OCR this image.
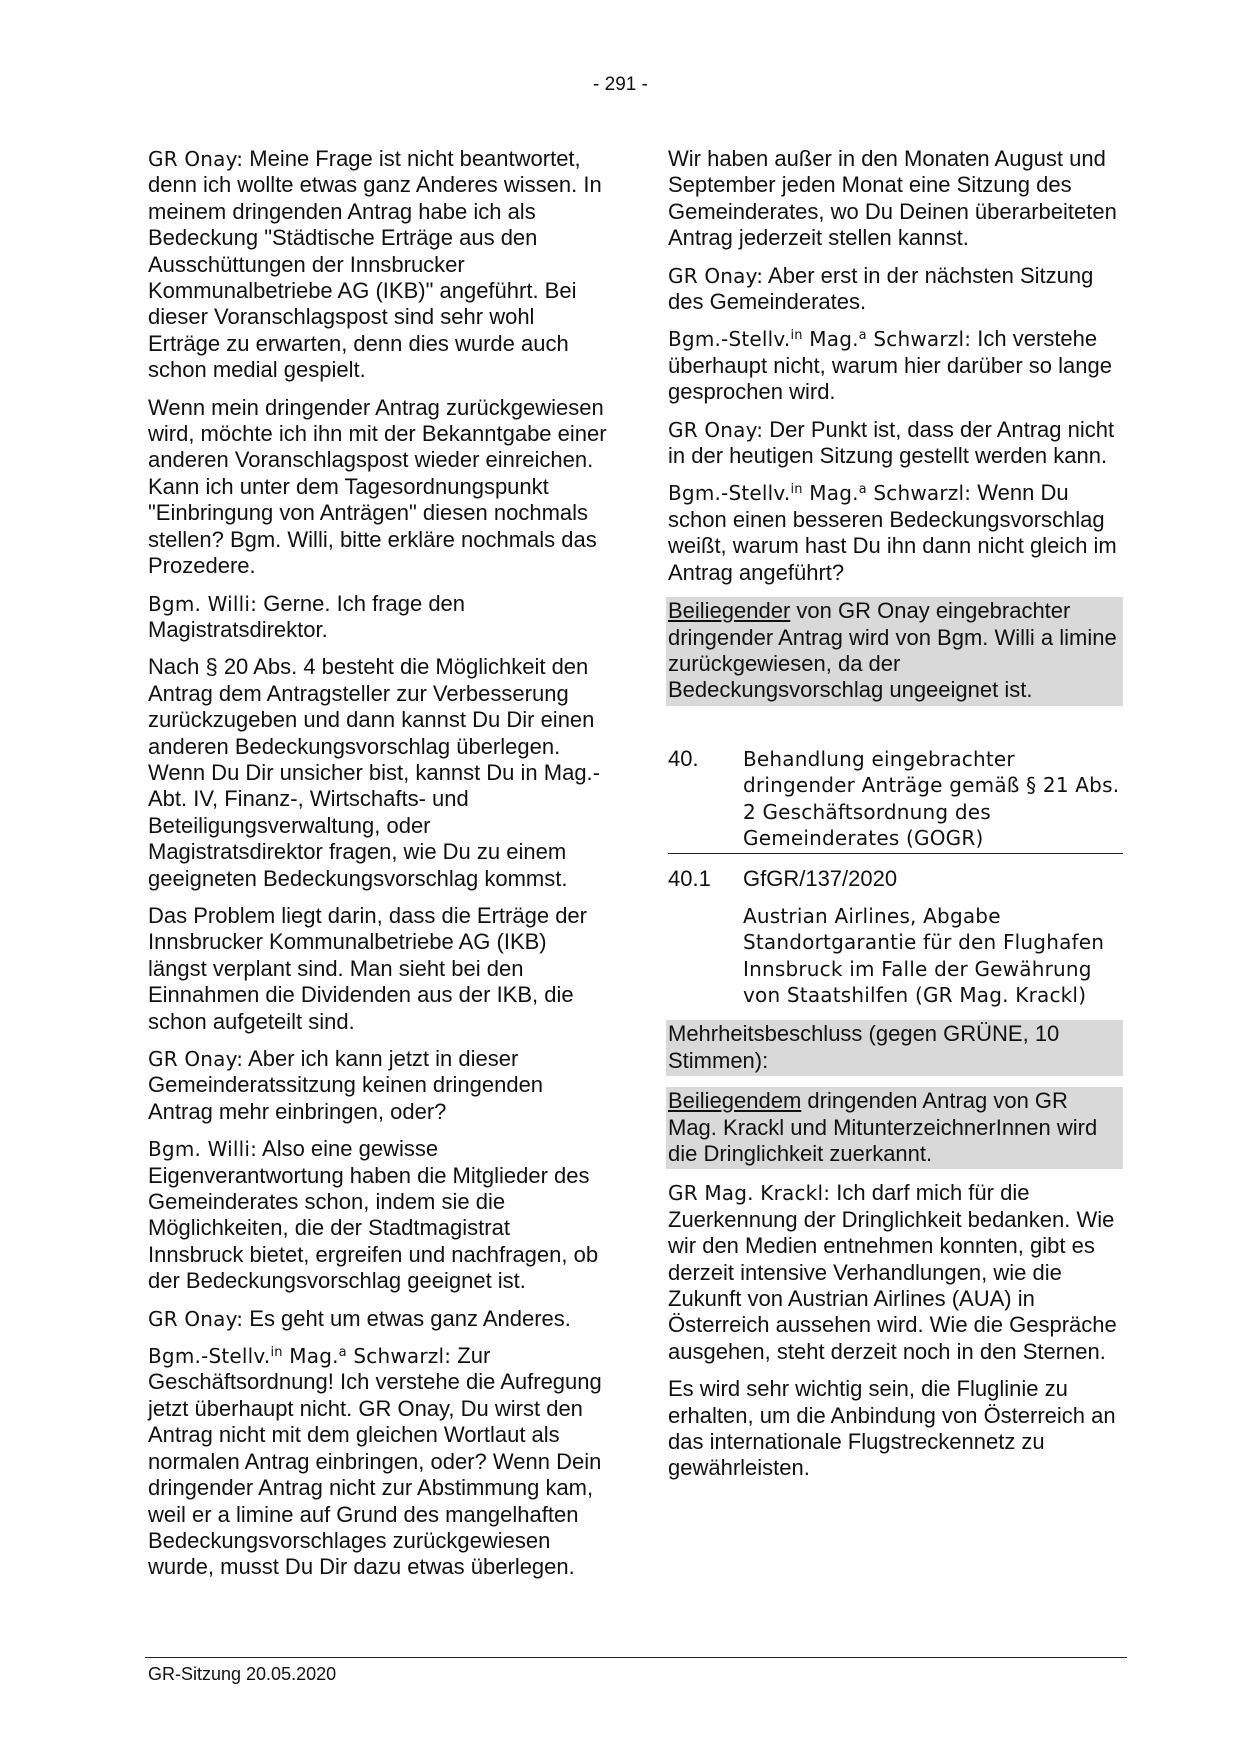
- 291 -

GR Onay: Meine Frage ist nicht beantwortet, denn ich wollte etwas ganz Anderes wissen. In meinem dringenden Antrag habe ich als Bedeckung "Städtische Erträge aus den Ausschüttungen der Innsbrucker Kommunalbetriebe AG (IKB)" angeführt. Bei dieser Voranschlagspost sind sehr wohl Erträge zu erwarten, denn dies wurde auch schon medial gespielt.

Wenn mein dringender Antrag zurückgewiesen wird, möchte ich ihn mit der Bekanntgabe einer anderen Voranschlagspost wieder einreichen. Kann ich unter dem Tagesordnungspunkt "Einbringung von Anträgen" diesen nochmals stellen? Bgm. Willi, bitte erkläre nochmals das Prozedere.

Bgm. Willi: Gerne. Ich frage den Magistratsdirektor.

Nach § 20 Abs. 4 besteht die Möglichkeit den Antrag dem Antragsteller zur Verbesserung zurückzugeben und dann kannst Du Dir einen anderen Bedeckungsvorschlag überlegen. Wenn Du Dir unsicher bist, kannst Du in Mag.-Abt. IV, Finanz-, Wirtschafts- und Beteiligungsverwaltung, oder Magistratsdirektor fragen, wie Du zu einem geeigneten Bedeckungsvorschlag kommst.

Das Problem liegt darin, dass die Erträge der Innsbrucker Kommunalbetriebe AG (IKB) längst verplant sind. Man sieht bei den Einnahmen die Dividenden aus der IKB, die schon aufgeteilt sind.

GR Onay: Aber ich kann jetzt in dieser Gemeinderatssitzung keinen dringenden Antrag mehr einbringen, oder?

Bgm. Willi: Also eine gewisse Eigenverantwortung haben die Mitglieder des Gemeinderates schon, indem sie die Möglichkeiten, die der Stadtmagistrat Innsbruck bietet, ergreifen und nachfragen, ob der Bedeckungsvorschlag geeignet ist.

GR Onay: Es geht um etwas ganz Anderes.

Bgm.-Stellv.$^{in}$ Mag.$^a$ Schwarzl: Zur Geschäftsordnung! Ich verstehe die Aufregung jetzt überhaupt nicht. GR Onay, Du wirst den Antrag nicht mit dem gleichen Wortlaut als normalen Antrag einbringen, oder? Wenn Dein dringender Antrag nicht zur Abstimmung kam, weil er a limine auf Grund des mangelhaften Bedeckungsvorschlages zurückgewiesen wurde, musst Du Dir dazu etwas überlegen.

Wir haben außer in den Monaten August und September jeden Monat eine Sitzung des Gemeinderates, wo Du Deinen überarbeiteten Antrag jederzeit stellen kannst.

GR Onay: Aber erst in der nächsten Sitzung des Gemeinderates.

Bgm.-Stellv.$^{in}$ Mag.$^a$ Schwarzl: Ich verstehe überhaupt nicht, warum hier darüber so lange gesprochen wird.

GR Onay: Der Punkt ist, dass der Antrag nicht in der heutigen Sitzung gestellt werden kann.

Bgm.-Stellv.$^{in}$ Mag.$^a$ Schwarzl: Wenn Du schon einen besseren Bedeckungsvorschlag weißt, warum hast Du ihn dann nicht gleich im Antrag angeführt?

Beiliegender von GR Onay eingebrachter dringender Antrag wird von Bgm. Willi a limine zurückgewiesen, da der Bedeckungsvorschlag ungeeignet ist.
40.	Behandlung eingebrachter dringender Anträge gemäß § 21 Abs. 2 Geschäftsordnung des Gemeinderates (GOGR)
40.1	GfGR/137/2020
Austrian Airlines, Abgabe Standortgarantie für den Flughafen Innsbruck im Falle der Gewährung von Staatshilfen (GR Mag. Krackl)
Mehrheitsbeschluss (gegen GRÜNE, 10 Stimmen):
Beiliegendem dringenden Antrag von GR Mag. Krackl und MitunterzeichnerInnen wird die Dringlichkeit zuerkannt.

GR Mag. Krackl: Ich darf mich für die Zuerkennung der Dringlichkeit bedanken. Wie wir den Medien entnehmen konnten, gibt es derzeit intensive Verhandlungen, wie die Zukunft von Austrian Airlines (AUA) in Österreich aussehen wird. Wie die Gespräche ausgehen, steht derzeit noch in den Sternen.

Es wird sehr wichtig sein, die Fluglinie zu erhalten, um die Anbindung von Österreich an das internationale Flugstreckennetz zu gewährleisten.

GR-Sitzung 20.05.2020
